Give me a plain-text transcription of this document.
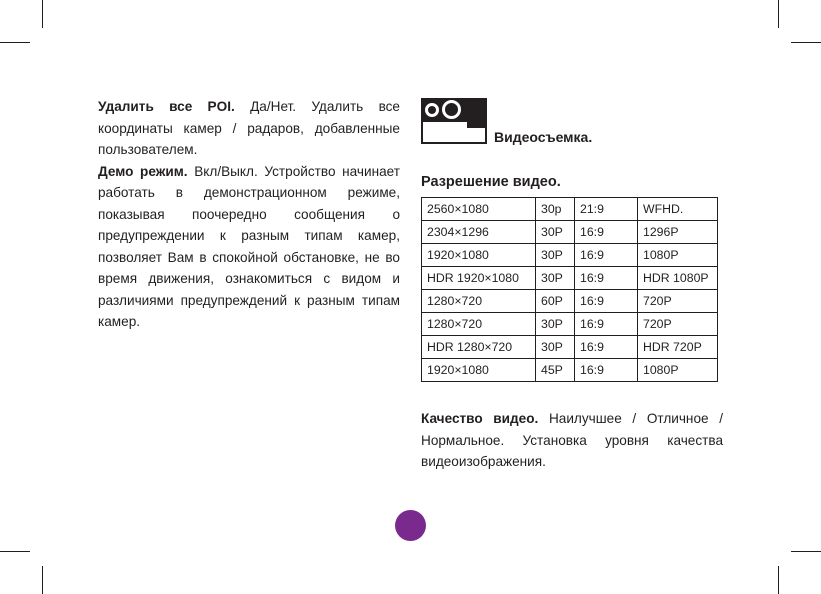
Удалить все POI. Да/Нет. Удалить все координаты камер / радаров, добавленные пользователем.

Демо режим. Вкл/Выкл. Устройство начинает работать в демонстрационном режиме, показывая поочередно сообщения о предупреждении к разным типам камер, позволяет Вам в спокойной обстановке, не во время движения, ознакомиться с видом и различиями предупреждений к разным типам камер.

Видеосъемка.
Разрешение видео.
2560×1080	30р	21:9	WFHD.
2304×1296	30P	16:9	1296P
1920×1080	30P	16:9	1080P
HDR 1920×1080	30P	16:9	HDR 1080P
1280×720	60P	16:9	720P
1280×720	30P	16:9	720P
HDR 1280×720	30P	16:9	HDR 720P
1920×1080	45P	16:9	1080P

Качество видео. Наилучшее / Отличное / Нормальное. Установка уровня качества видеоизображения.
